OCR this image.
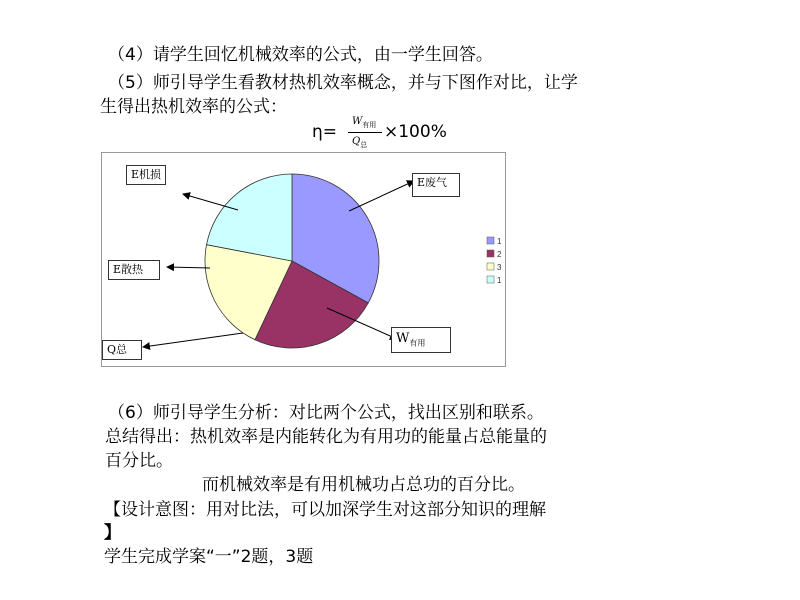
（4）请学生回忆机械效率的公式，由一学生回答。
（5）师引导学生看教材热机效率概念，并与下图作对比，让学
生得出热机效率的公式：
η=
$W_{有用}$
$Q_总$
×100%
1
2
3
1
E机损
E废气
E散热
Q总
$W_{有用}$
（6）师引导学生分析：对比两个公式，找出区别和联系。
总结得出：热机效率是内能转化为有用功的能量占总能量的
百分比。
而机械效率是有用机械功占总功的百分比。
【设计意图：用对比法，可以加深学生对这部分知识的理解
】
学生完成学案“一”2题，3题
